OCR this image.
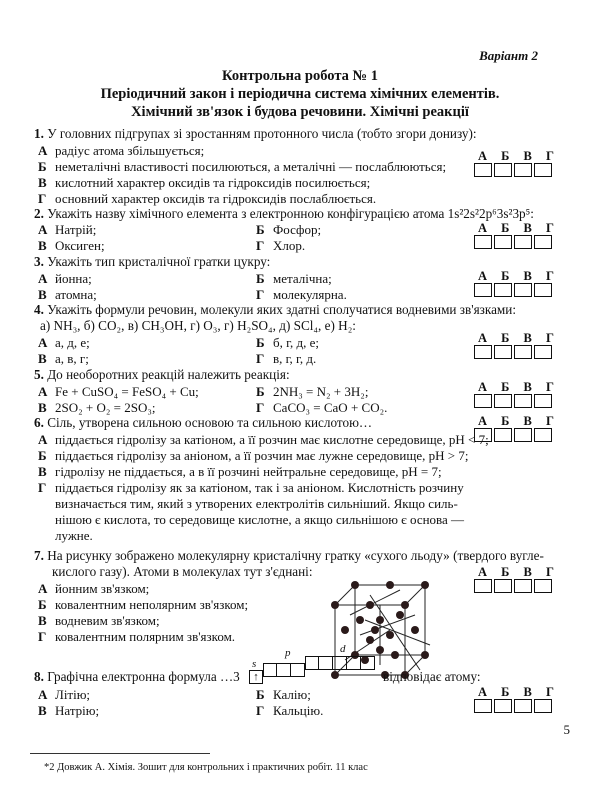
Варіант 2
Контрольна робота № 1
Періодичний закон і періодична система хімічних елементів.
Хімічний зв'язок і будова речовини. Хімічні реакції
1. У головних підгрупах зі зростанням протонного числа (тобто згори донизу):
А радіус атома збільшується;
Б неметалічні властивості посилюються, а металічні — послаблюються;
В кислотний характер оксидів та гідроксидів посилюється;
Г основний характер оксидів та гідроксидів послаблюється.
А Б В Г
2. Укажіть назву хімічного елемента з електронною конфігурацією атома 1s²2s²2p⁶3s²3p⁵:
А Натрій;	Б Фосфор;
В Оксиген;	Г Хлор.
А Б В Г
3. Укажіть тип кристалічної гратки цукру:
А йонна;	Б металічна;
В атомна;	Г молекулярна.
А Б В Г
4. Укажіть формули речовин, молекули яких здатні сполучатися водневими зв'язками:
а) NH₃, б) CO₂, в) CH₃OH, г) O₃, г) H₂SO₄, д) SCl₄, е) H₂:
А а, д, е;	Б б, г, д, е;
В а, в, г;	Г в, г, г, д.
А Б В Г
5. До необоротних реакцій належить реакція:
А Fe + CuSO₄ = FeSO₄ + Cu;	Б 2NH₃ = N₂ + 3H₂;
В 2SO₂ + O₂ = 2SO₃;	Г CaCO₃ = CaO + CO₂.
А Б В Г
6. Сіль, утворена сильною основою та сильною кислотою…
А піддається гідролізу за катіоном, а її розчин має кислотне середовище, pH < 7;
Б піддається гідролізу за аніоном, а її розчин має лужне середовище, pH > 7;
В гідролізу не піддається, а в її розчині нейтральне середовище, pH = 7;
Г піддається гідролізу як за катіоном, так і за аніоном. Кислотність розчину
визначається тим, який з утворених електролітів сильніший. Якщо силь-
нішою є кислота, то середовище кислотне, а якщо сильнішою є основа —
лужне.
А Б В Г
7. На рисунку зображено молекулярну кристалічну гратку «сухого льоду» (твердого вугле-
кислого газу). Атоми в молекулах тут з'єднані:
А йонним зв'язком;
Б ковалентним неполярним зв'язком;
В водневим зв'язком;
Г ковалентним полярним зв'язком.
А Б В Г
8. Графічна електронна формула …3
s
p	d
↑	відповідає атому:
А Літію;	Б Калію;
В Натрію;	Г Кальцію.
А Б В Г
5
*2 Довжик А. Хімія. Зошит для контрольних і практичних робіт. 11 клас
